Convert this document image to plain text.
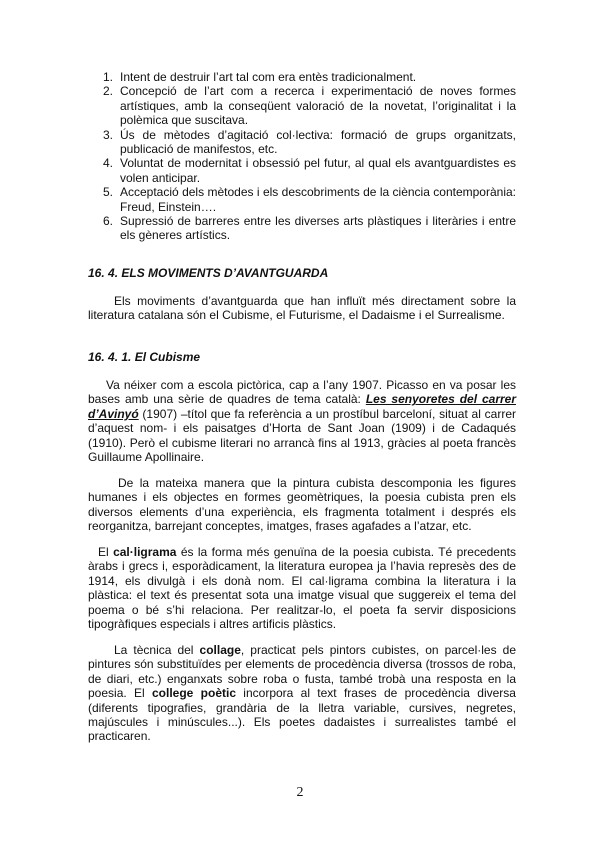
1. Intent de destruir l’art tal com era entès tradicionalment.
2. Concepció de l’art com a recerca i experimentació de noves formes artístiques, amb la conseqüent valoració de la novetat, l’originalitat i la polèmica que suscitava.
3. Ús de mètodes d’agitació col·lectiva: formació de grups organitzats, publicació de manifestos, etc.
4. Voluntat de modernitat i obsessió pel futur, al qual els avantguardistes es volen anticipar.
5. Acceptació dels mètodes i els descobriments de la ciència contemporània: Freud, Einstein….
6. Supressió de barreres entre les diverses arts plàstiques i literàries i entre els gèneres artístics.
16. 4. ELS MOVIMENTS D’AVANTGUARDA

Els moviments d’avantguarda que han influït més directament sobre la literatura catalana són el Cubisme, el Futurisme, el Dadaisme i el Surrealisme.

16. 4. 1. El Cubisme

Va néixer com a escola pictòrica, cap a l’any 1907. Picasso en va posar les bases amb una sèrie de quadres de tema català: Les senyoretes del carrer d’Avinyó (1907) –títol que fa referència a un prostíbul barceloní, situat al carrer d’aquest nom- i els paisatges d’Horta de Sant Joan (1909) i de Cadaqués (1910). Però el cubisme literari no arrancà fins al 1913, gràcies al poeta francès Guillaume Apollinaire.

De la mateixa manera que la pintura cubista descomponia les figures humanes i els objectes en formes geomètriques, la poesia cubista pren els diversos elements d’una experiència, els fragmenta totalment i després els reorganitza, barrejant conceptes, imatges, frases agafades a l’atzar, etc.

El cal·ligrama és la forma més genuïna de la poesia cubista. Té precedents àrabs i grecs i, esporàdicament, la literatura europea ja l’havia represès des de 1914, els divulgà i els donà nom. El cal·ligrama combina la literatura i la plàstica: el text és presentat sota una imatge visual que suggereix el tema del poema o bé s’hi relaciona. Per realitzar-lo, el poeta fa servir disposicions tipogràfiques especials i altres artificis plàstics.

La tècnica del collage, practicat pels pintors cubistes, on parcel·les de pintures són substituïdes per elements de procedència diversa (trossos de roba, de diari, etc.) enganxats sobre roba o fusta, també trobà una resposta en la poesia. El college poètic incorpora al text frases de procedència diversa (diferents tipografies, grandària de la lletra variable, cursives, negretes, majúscules i minúscules...). Els poetes dadaistes i surrealistes també el practicaren.

2
